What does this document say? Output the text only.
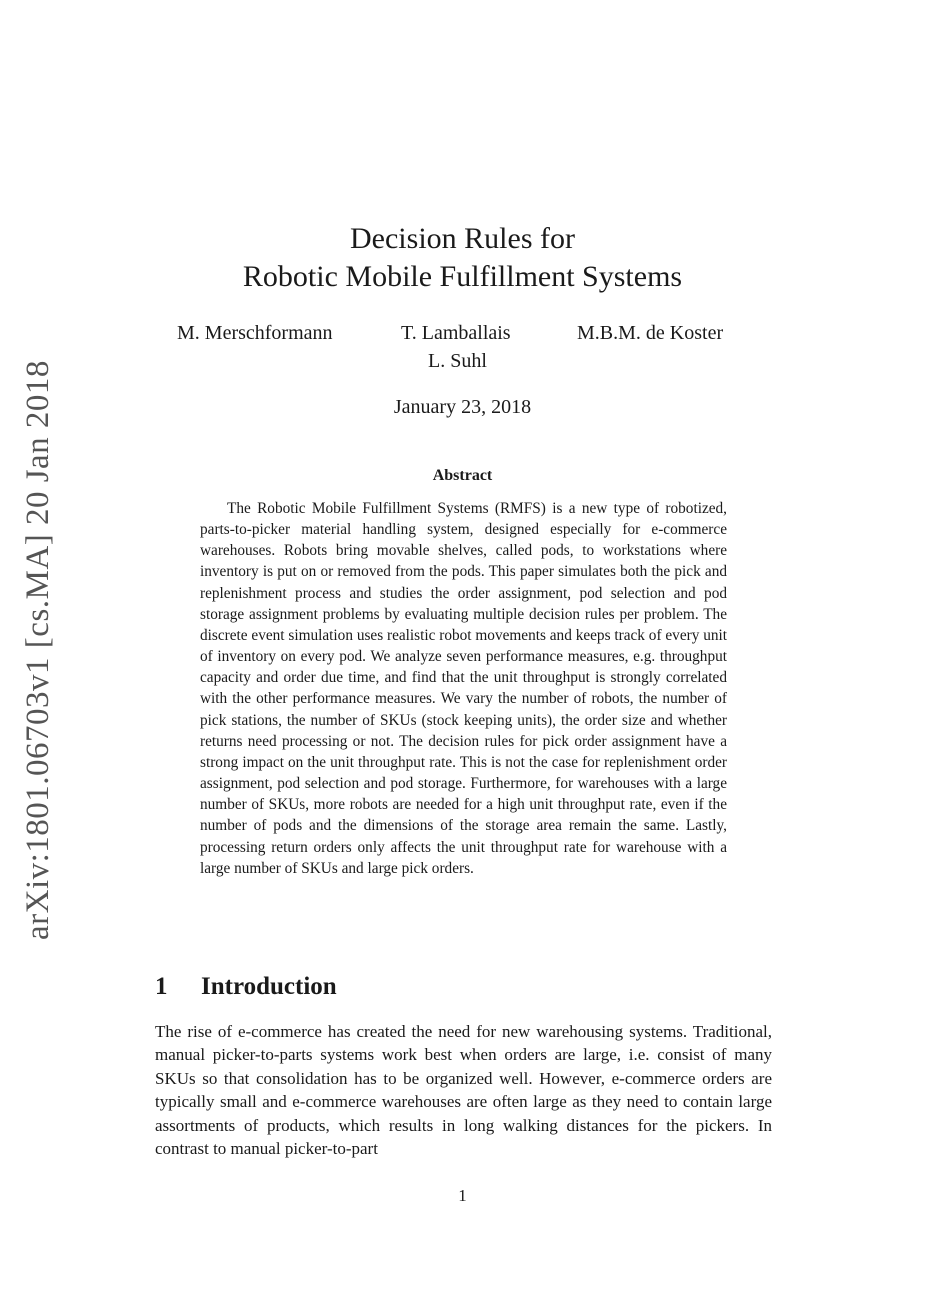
arXiv:1801.06703v1 [cs.MA] 20 Jan 2018
Decision Rules for
Robotic Mobile Fulfillment Systems
M. Merschformann	T. Lamballais	M.B.M. de Koster
L. Suhl
January 23, 2018
Abstract
The Robotic Mobile Fulfillment Systems (RMFS) is a new type of robotized, parts-to-picker material handling system, designed especially for e-commerce warehouses. Robots bring movable shelves, called pods, to workstations where inventory is put on or removed from the pods. This paper simulates both the pick and replenishment process and studies the order assignment, pod selection and pod storage assignment problems by evaluating multiple decision rules per problem. The discrete event simulation uses realistic robot movements and keeps track of every unit of inventory on every pod. We analyze seven performance measures, e.g. throughput capacity and order due time, and find that the unit throughput is strongly correlated with the other performance measures. We vary the number of robots, the number of pick stations, the number of SKUs (stock keeping units), the order size and whether returns need processing or not. The decision rules for pick order assignment have a strong impact on the unit throughput rate. This is not the case for replenishment order assignment, pod selection and pod storage. Furthermore, for warehouses with a large number of SKUs, more robots are needed for a high unit throughput rate, even if the number of pods and the dimensions of the storage area remain the same. Lastly, processing return orders only affects the unit throughput rate for warehouse with a large number of SKUs and large pick orders.
1 Introduction
The rise of e-commerce has created the need for new warehousing systems. Traditional, manual picker-to-parts systems work best when orders are large, i.e. consist of many SKUs so that consolidation has to be organized well. However, e-commerce orders are typically small and e-commerce warehouses are often large as they need to contain large assortments of products, which results in long walking distances for the pickers. In contrast to manual picker-to-part
1
